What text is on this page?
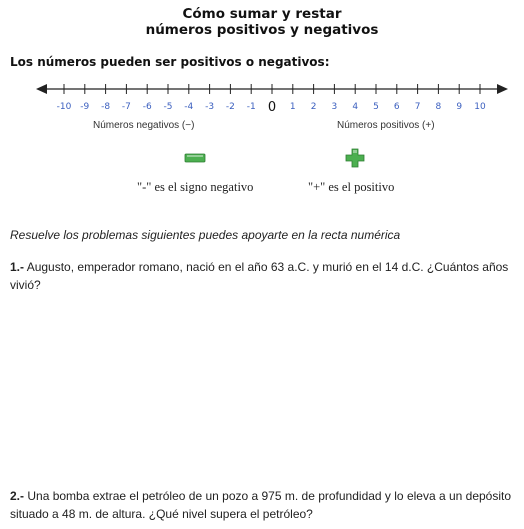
Cómo sumar y restar
números positivos y negativos
Los números pueden ser positivos o negativos:
-10 -9 -8 -7 -6 -5 -4 -3 -2 -1 0 1 2 3 4 5 6 7 8 9 10
Números negativos (−)	Números positivos (+)
"-" es el signo negativo	"+" es el positivo
Resuelve los problemas siguientes puedes apoyarte en la recta numérica
1.- Augusto, emperador romano, nació en el año 63 a.C. y murió en el 14 d.C. ¿Cuántos años vivió?
2.- Una bomba extrae el petróleo de un pozo a 975 m. de profundidad y lo eleva a un depósito situado a 48 m. de altura. ¿Qué nivel supera el petróleo?
